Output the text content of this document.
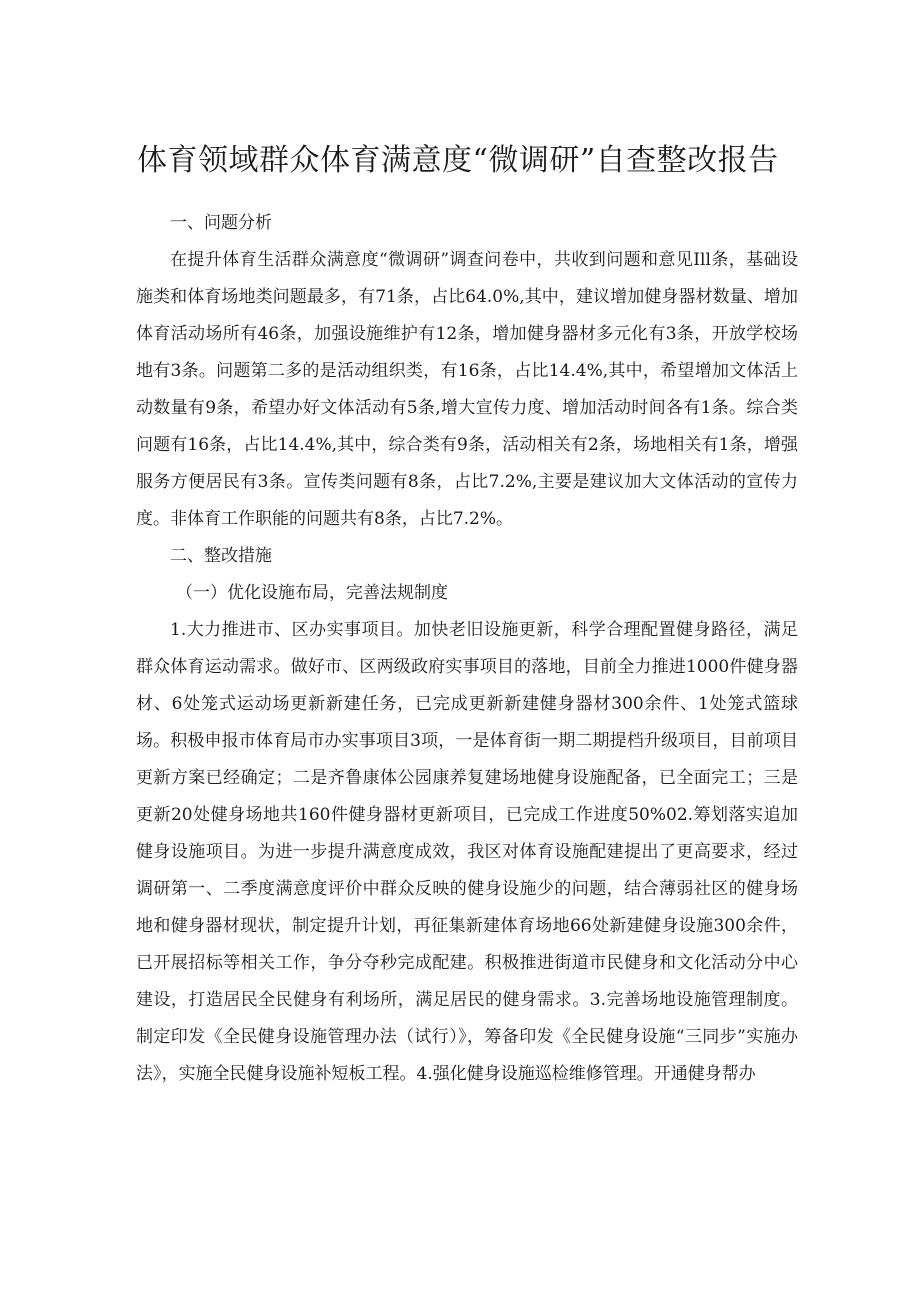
体育领域群众体育满意度“微调研”自查整改报告

一、问题分析

在提升体育生活群众满意度“微调研”调查问卷中，共收到问题和意见Ill条，基础设施类和体育场地类问题最多，有71条，占比64.0%,其中，建议增加健身器材数量、增加体育活动场所有46条，加强设施维护有12条，增加健身器材多元化有3条，开放学校场地有3条。问题第二多的是活动组织类，有16条，占比14.4%,其中，希望增加文体活上动数量有9条，希望办好文体活动有5条,增大宣传力度、增加活动时间各有1条。综合类问题有16条，占比14.4%,其中，综合类有9条，活动相关有2条，场地相关有1条，增强服务方便居民有3条。宣传类问题有8条，占比7.2%,主要是建议加大文体活动的宣传力度。非体育工作职能的问题共有8条，占比7.2%。

二、整改措施

（一）优化设施布局，完善法规制度

1.大力推进市、区办实事项目。加快老旧设施更新，科学合理配置健身路径，满足群众体育运动需求。做好市、区两级政府实事项目的落地，目前全力推进1000件健身器材、6处笼式运动场更新新建任务，已完成更新新建健身器材300余件、1处笼式篮球场。积极申报市体育局市办实事项目3项，一是体育街一期二期提档升级项目，目前项目更新方案已经确定；二是齐鲁康体公园康养复建场地健身设施配备，已全面完工；三是更新20处健身场地共160件健身器材更新项目，已完成工作进度50%02.筹划落实追加健身设施项目。为进一步提升满意度成效，我区对体育设施配建提出了更高要求，经过调研第一、二季度满意度评价中群众反映的健身设施少的问题，结合薄弱社区的健身场地和健身器材现状，制定提升计划，再征集新建体育场地66处新建健身设施300余件，已开展招标等相关工作，争分夺秒完成配建。积极推进街道市民健身和文化活动分中心建设，打造居民全民健身有利场所，满足居民的健身需求。3.完善场地设施管理制度。制定印发《全民健身设施管理办法（试行）》，筹备印发《全民健身设施“三同步”实施办法》，实施全民健身设施补短板工程。4.强化健身设施巡检维修管理。开通健身帮办
